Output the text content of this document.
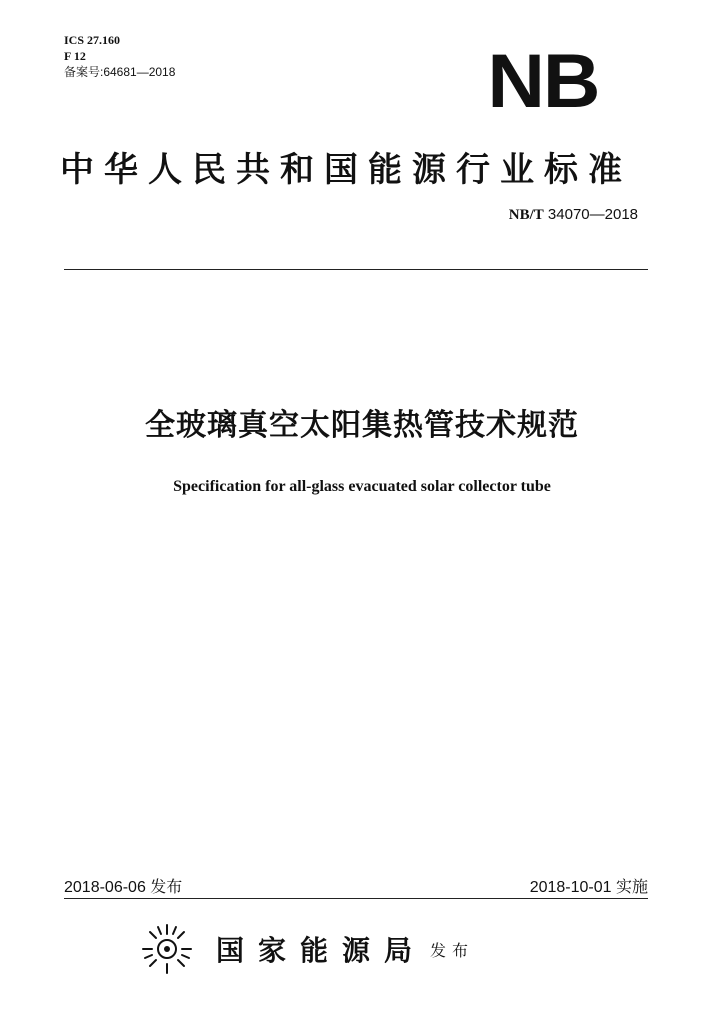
ICS 27.160
F 12
备案号:64681—2018	NB
中华人民共和国能源行业标准
NB/T 34070—2018
全玻璃真空太阳集热管技术规范
Specification for all-glass evacuated solar collector tube
2018-06-06 发布	2018-10-01 实施
国家能源局 发布
